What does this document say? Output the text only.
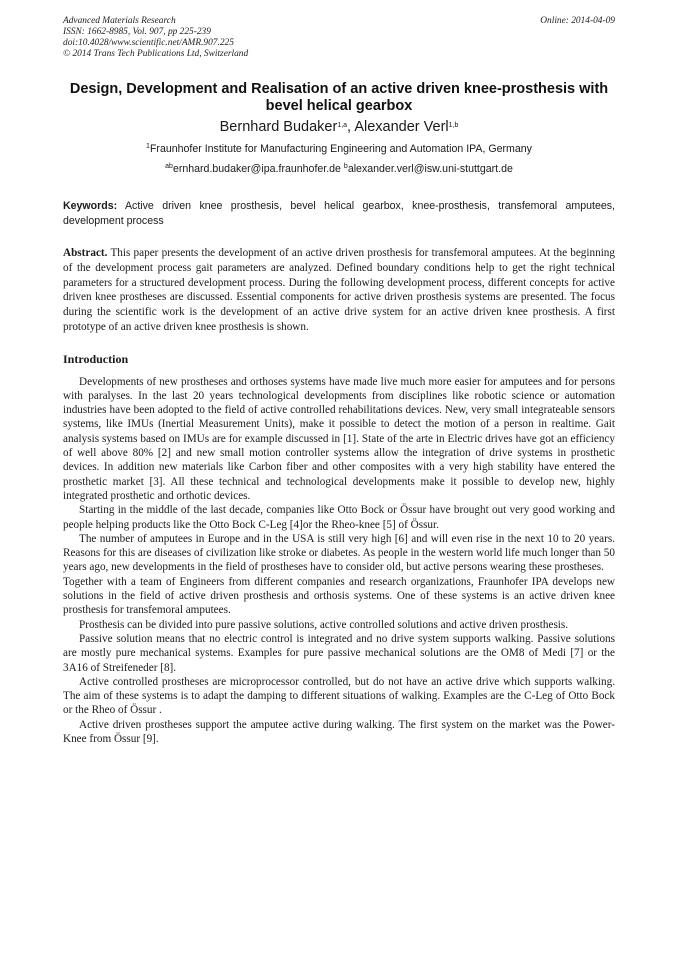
Advanced Materials Research
ISSN: 1662-8985, Vol. 907, pp 225-239
doi:10.4028/www.scientific.net/AMR.907.225
© 2014 Trans Tech Publications Ltd, Switzerland
Online: 2014-04-09
Design, Development and Realisation of an active driven knee-prosthesis with bevel helical gearbox
Bernhard Budaker$^{1,a}$, Alexander Verl$^{1,b}$
$^1$Fraunhofer Institute for Manufacturing Engineering and Automation IPA, Germany
$^{ab}$ernhard.budaker@ipa.fraunhofer.de $^b$alexander.verl@isw.uni-stuttgart.de
Keywords: Active driven knee prosthesis, bevel helical gearbox, knee-prosthesis, transfemoral amputees, development process
Abstract. This paper presents the development of an active driven prosthesis for transfemoral amputees. At the beginning of the development process gait parameters are analyzed. Defined boundary conditions help to get the right technical parameters for a structured development process. During the following development process, different concepts for active driven knee prostheses are discussed. Essential components for active driven prosthesis systems are presented. The focus during the scientific work is the development of an active drive system for an active driven knee prosthesis. A first prototype of an active driven knee prosthesis is shown.
Introduction

Developments of new prostheses and orthoses systems have made live much more easier for amputees and for persons with paralyses. In the last 20 years technological developments from disciplines like robotic science or automation industries have been adopted to the field of active controlled rehabilitations devices. New, very small integrateable sensors systems, like IMUs (Inertial Measurement Units), make it possible to detect the motion of a person in realtime. Gait analysis systems based on IMUs are for example discussed in [1]. State of the arte in Electric drives have got an efficiency of well above 80% [2] and new small motion controller systems allow the integration of drive systems in prosthetic devices. In addition new materials like Carbon fiber and other composites with a very high stability have entered the prosthetic market [3]. All these technical and technological developments make it possible to develop new, highly integrated prosthetic and orthotic devices.

Starting in the middle of the last decade, companies like Otto Bock or Össur have brought out very good working and people helping products like the Otto Bock C-Leg [4]or the Rheo-knee [5] of Össur.

The number of amputees in Europe and in the USA is still very high [6] and will even rise in the next 10 to 20 years. Reasons for this are diseases of civilization like stroke or diabetes. As people in the western world life much longer than 50 years ago, new developments in the field of prostheses have to consider old, but active persons wearing these prostheses.

Together with a team of Engineers from different companies and research organizations, Fraunhofer IPA develops new solutions in the field of active driven prosthesis and orthosis systems. One of these systems is an active driven knee prosthesis for transfemoral amputees.

Prosthesis can be divided into pure passive solutions, active controlled solutions and active driven prosthesis.

Passive solution means that no electric control is integrated and no drive system supports walking. Passive solutions are mostly pure mechanical systems. Examples for pure passive mechanical solutions are the OM8 of Medi [7] or the 3A16 of Streifeneder [8].

Active controlled prostheses are microprocessor controlled, but do not have an active drive which supports walking. The aim of these systems is to adapt the damping to different situations of walking. Examples are the C-Leg of Otto Bock or the Rheo of Össur .

Active driven prostheses support the amputee active during walking. The first system on the market was the Power-Knee from Össur [9].
